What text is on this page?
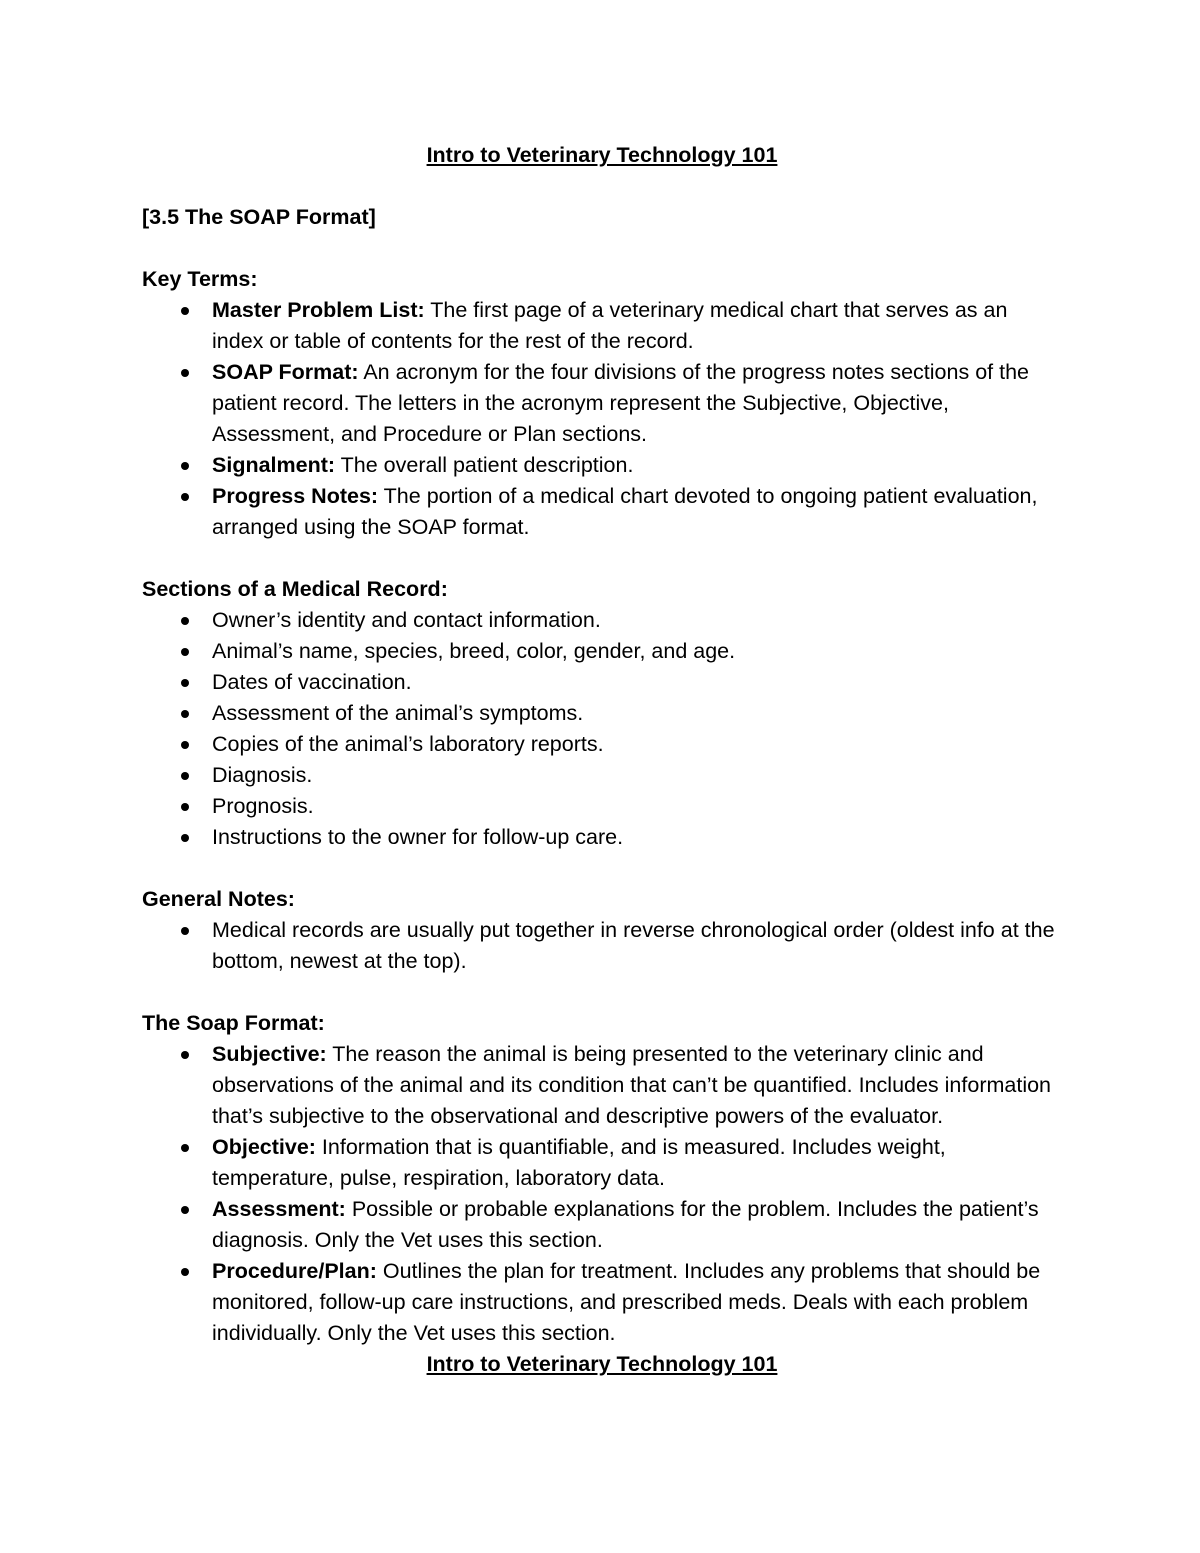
Intro to Veterinary Technology 101

[3.5 The SOAP Format]

Key Terms:

Master Problem List: The first page of a veterinary medical chart that serves as an index or table of contents for the rest of the record.
SOAP Format: An acronym for the four divisions of the progress notes sections of the patient record. The letters in the acronym represent the Subjective, Objective, Assessment, and Procedure or Plan sections.
Signalment: The overall patient description.
Progress Notes: The portion of a medical chart devoted to ongoing patient evaluation, arranged using the SOAP format.

Sections of a Medical Record:

Owner’s identity and contact information.
Animal’s name, species, breed, color, gender, and age.
Dates of vaccination.
Assessment of the animal’s symptoms.
Copies of the animal’s laboratory reports.
Diagnosis.
Prognosis.
Instructions to the owner for follow-up care.

General Notes:

Medical records are usually put together in reverse chronological order (oldest info at the bottom, newest at the top).

The Soap Format:

Subjective: The reason the animal is being presented to the veterinary clinic and observations of the animal and its condition that can’t be quantified. Includes information that’s subjective to the observational and descriptive powers of the evaluator.
Objective: Information that is quantifiable, and is measured. Includes weight, temperature, pulse, respiration, laboratory data.
Assessment: Possible or probable explanations for the problem. Includes the patient’s diagnosis. Only the Vet uses this section.
Procedure/Plan: Outlines the plan for treatment. Includes any problems that should be monitored, follow-up care instructions, and prescribed meds. Deals with each problem individually. Only the Vet uses this section.

Intro to Veterinary Technology 101
